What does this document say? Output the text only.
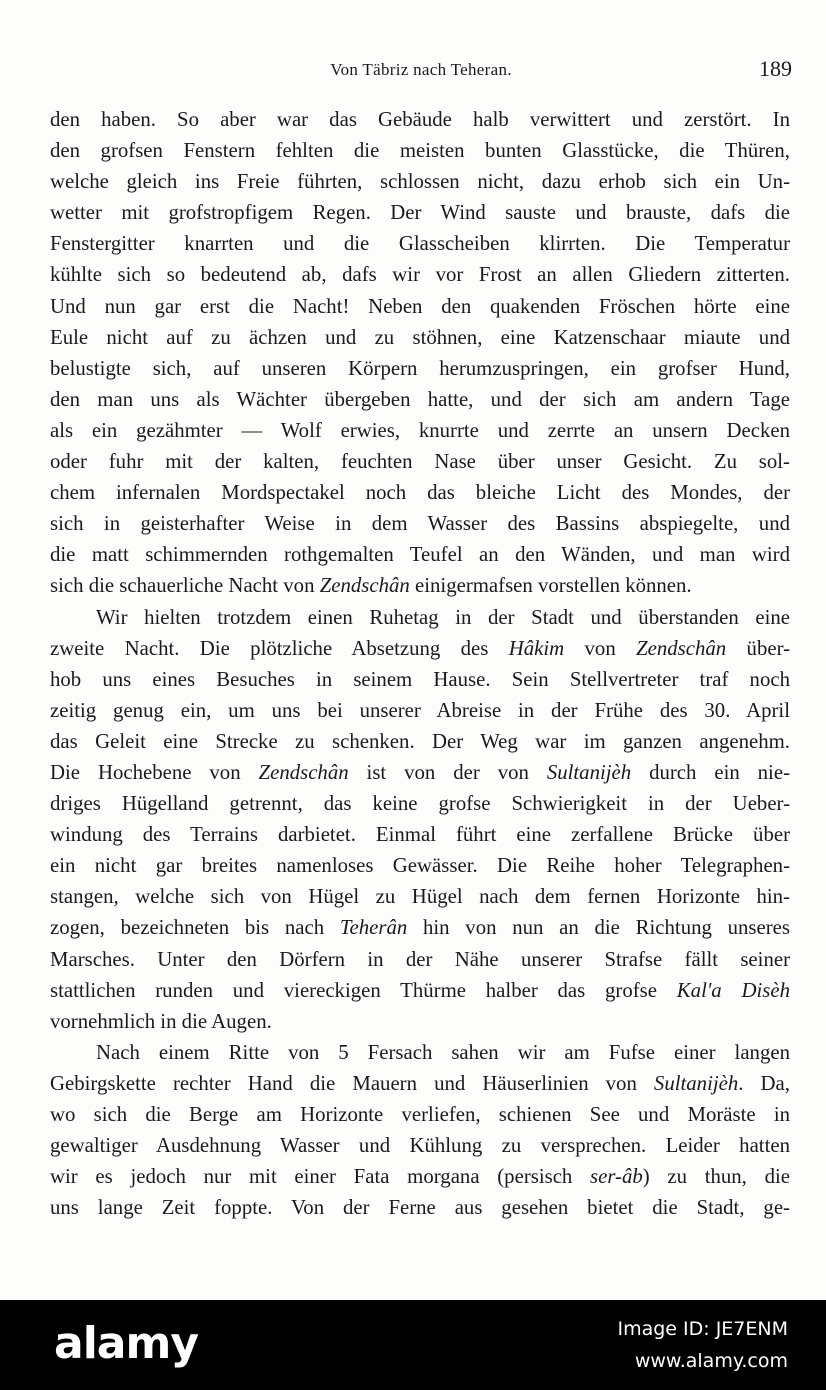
Von Täbriz nach Teheran.	189
den haben. So aber war das Gebäude halb verwittert und zerstört. In
den grofsen Fenstern fehlten die meisten bunten Glasstücke, die Thüren,
welche gleich ins Freie führten, schlossen nicht, dazu erhob sich ein Un-
wetter mit grofstropfigem Regen. Der Wind sauste und brauste, dafs die
Fenstergitter knarrten und die Glasscheiben klirrten. Die Temperatur
kühlte sich so bedeutend ab, dafs wir vor Frost an allen Gliedern zitterten.
Und nun gar erst die Nacht! Neben den quakenden Fröschen hörte eine
Eule nicht auf zu ächzen und zu stöhnen, eine Katzenschaar miaute und
belustigte sich, auf unseren Körpern herumzuspringen, ein grofser Hund,
den man uns als Wächter übergeben hatte, und der sich am andern Tage
als ein gezähmter — Wolf erwies, knurrte und zerrte an unsern Decken
oder fuhr mit der kalten, feuchten Nase über unser Gesicht. Zu sol-
chem infernalen Mordspectakel noch das bleiche Licht des Mondes, der
sich in geisterhafter Weise in dem Wasser des Bassins abspiegelte, und
die matt schimmernden rothgemalten Teufel an den Wänden, und man wird
sich die schauerliche Nacht von Zendschân einigermafsen vorstellen können.
Wir hielten trotzdem einen Ruhetag in der Stadt und überstanden eine
zweite Nacht. Die plötzliche Absetzung des Hâkim von Zendschân über-
hob uns eines Besuches in seinem Hause. Sein Stellvertreter traf noch
zeitig genug ein, um uns bei unserer Abreise in der Frühe des 30. April
das Geleit eine Strecke zu schenken. Der Weg war im ganzen angenehm.
Die Hochebene von Zendschân ist von der von Sultanijèh durch ein nie-
driges Hügelland getrennt, das keine grofse Schwierigkeit in der Ueber-
windung des Terrains darbietet. Einmal führt eine zerfallene Brücke über
ein nicht gar breites namenloses Gewässer. Die Reihe hoher Telegraphen-
stangen, welche sich von Hügel zu Hügel nach dem fernen Horizonte hin-
zogen, bezeichneten bis nach Teherân hin von nun an die Richtung unseres
Marsches. Unter den Dörfern in der Nähe unserer Strafse fällt seiner
stattlichen runden und viereckigen Thürme halber das grofse Kal'a Disèh
vornehmlich in die Augen.
Nach einem Ritte von 5 Fersach sahen wir am Fufse einer langen
Gebirgskette rechter Hand die Mauern und Häuserlinien von Sultanijèh. Da,
wo sich die Berge am Horizonte verliefen, schienen See und Moräste in
gewaltiger Ausdehnung Wasser und Kühlung zu versprechen. Leider hatten
wir es jedoch nur mit einer Fata morgana (persisch ser-âb) zu thun, die
uns lange Zeit foppte. Von der Ferne aus gesehen bietet die Stadt, ge-
alamy	Image ID: JE7ENM
www.alamy.com
